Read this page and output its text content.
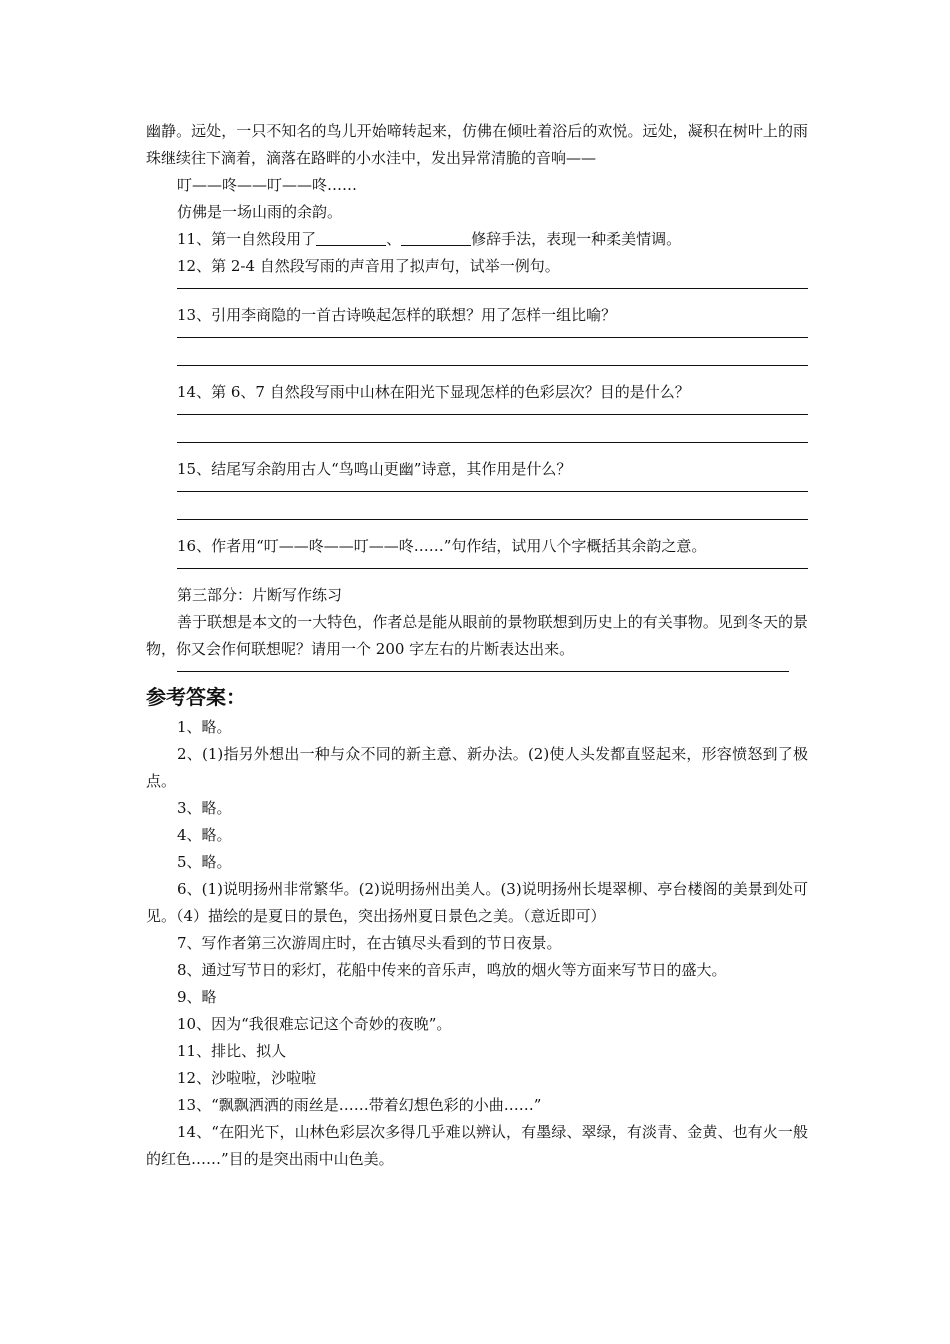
幽静。远处，一只不知名的鸟儿开始啼转起来，仿佛在倾吐着浴后的欢悦。远处，凝积在树叶上的雨珠继续往下滴着，滴落在路畔的小水洼中，发出异常清脆的音响——

叮——咚——叮——咚……

仿佛是一场山雨的余韵。

11、第一自然段用了	、	修辞手法，表现一种柔美情调。

12、第 2-4 自然段写雨的声音用了拟声句，试举一例句。

13、引用李商隐的一首古诗唤起怎样的联想？用了怎样一组比喻？

14、第 6、7 自然段写雨中山林在阳光下显现怎样的色彩层次？目的是什么？

15、结尾写余韵用古人“鸟鸣山更幽”诗意，其作用是什么？

16、作者用“叮——咚——叮——咚……”句作结，试用八个字概括其余韵之意。

第三部分：片断写作练习

善于联想是本文的一大特色，作者总是能从眼前的景物联想到历史上的有关事物。见到冬天的景物，你又会作何联想呢？请用一个 200 字左右的片断表达出来。

参考答案：

1、略。

2、(1)指另外想出一种与众不同的新主意、新办法。(2)使人头发都直竖起来，形容愤怒到了极点。

3、略。

4、略。

5、略。

6、(1)说明扬州非常繁华。(2)说明扬州出美人。(3)说明扬州长堤翠柳、亭台楼阁的美景到处可见。（4）描绘的是夏日的景色，突出扬州夏日景色之美。（意近即可）

7、写作者第三次游周庄时，在古镇尽头看到的节日夜景。

8、通过写节日的彩灯，花船中传来的音乐声，鸣放的烟火等方面来写节日的盛大。

9、略

10、因为“我很难忘记这个奇妙的夜晚”。

11、排比、拟人

12、沙啦啦，沙啦啦

13、“飘飘洒洒的雨丝是……带着幻想色彩的小曲……”

14、“在阳光下，山林色彩层次多得几乎难以辨认，有墨绿、翠绿，有淡青、金黄、也有火一般的红色……”目的是突出雨中山色美。
